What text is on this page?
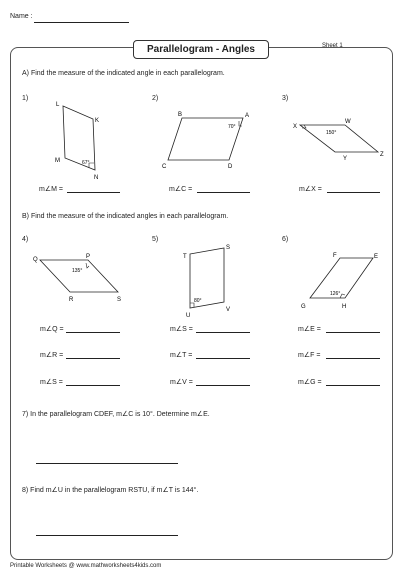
Name :
Parallelogram - Angles	Sheet 1
A) Find the measure of the indicated angle in each parallelogram.
1)	2)	3)
L
K
M
N
67°
B	A
C	D
70°	X
W
Y
Z
150°
m∠M =	m∠C =	m∠X =
B) Find the measure of the indicated angles in each parallelogram.
4)	5)	6)
Q	P
R	S
135°
T
S
U
V
80°
F	E
G	H
126°
m∠Q =
m∠R =
m∠S =
m∠S =
m∠T =
m∠V =
m∠E =
m∠F =
m∠G =
7) In the parallelogram CDEF, m∠C is 10°. Determine m∠E.
8) Find m∠U in the parallelogram RSTU, if m∠T is 144°.
Printable Worksheets @ www.mathworksheets4kids.com
